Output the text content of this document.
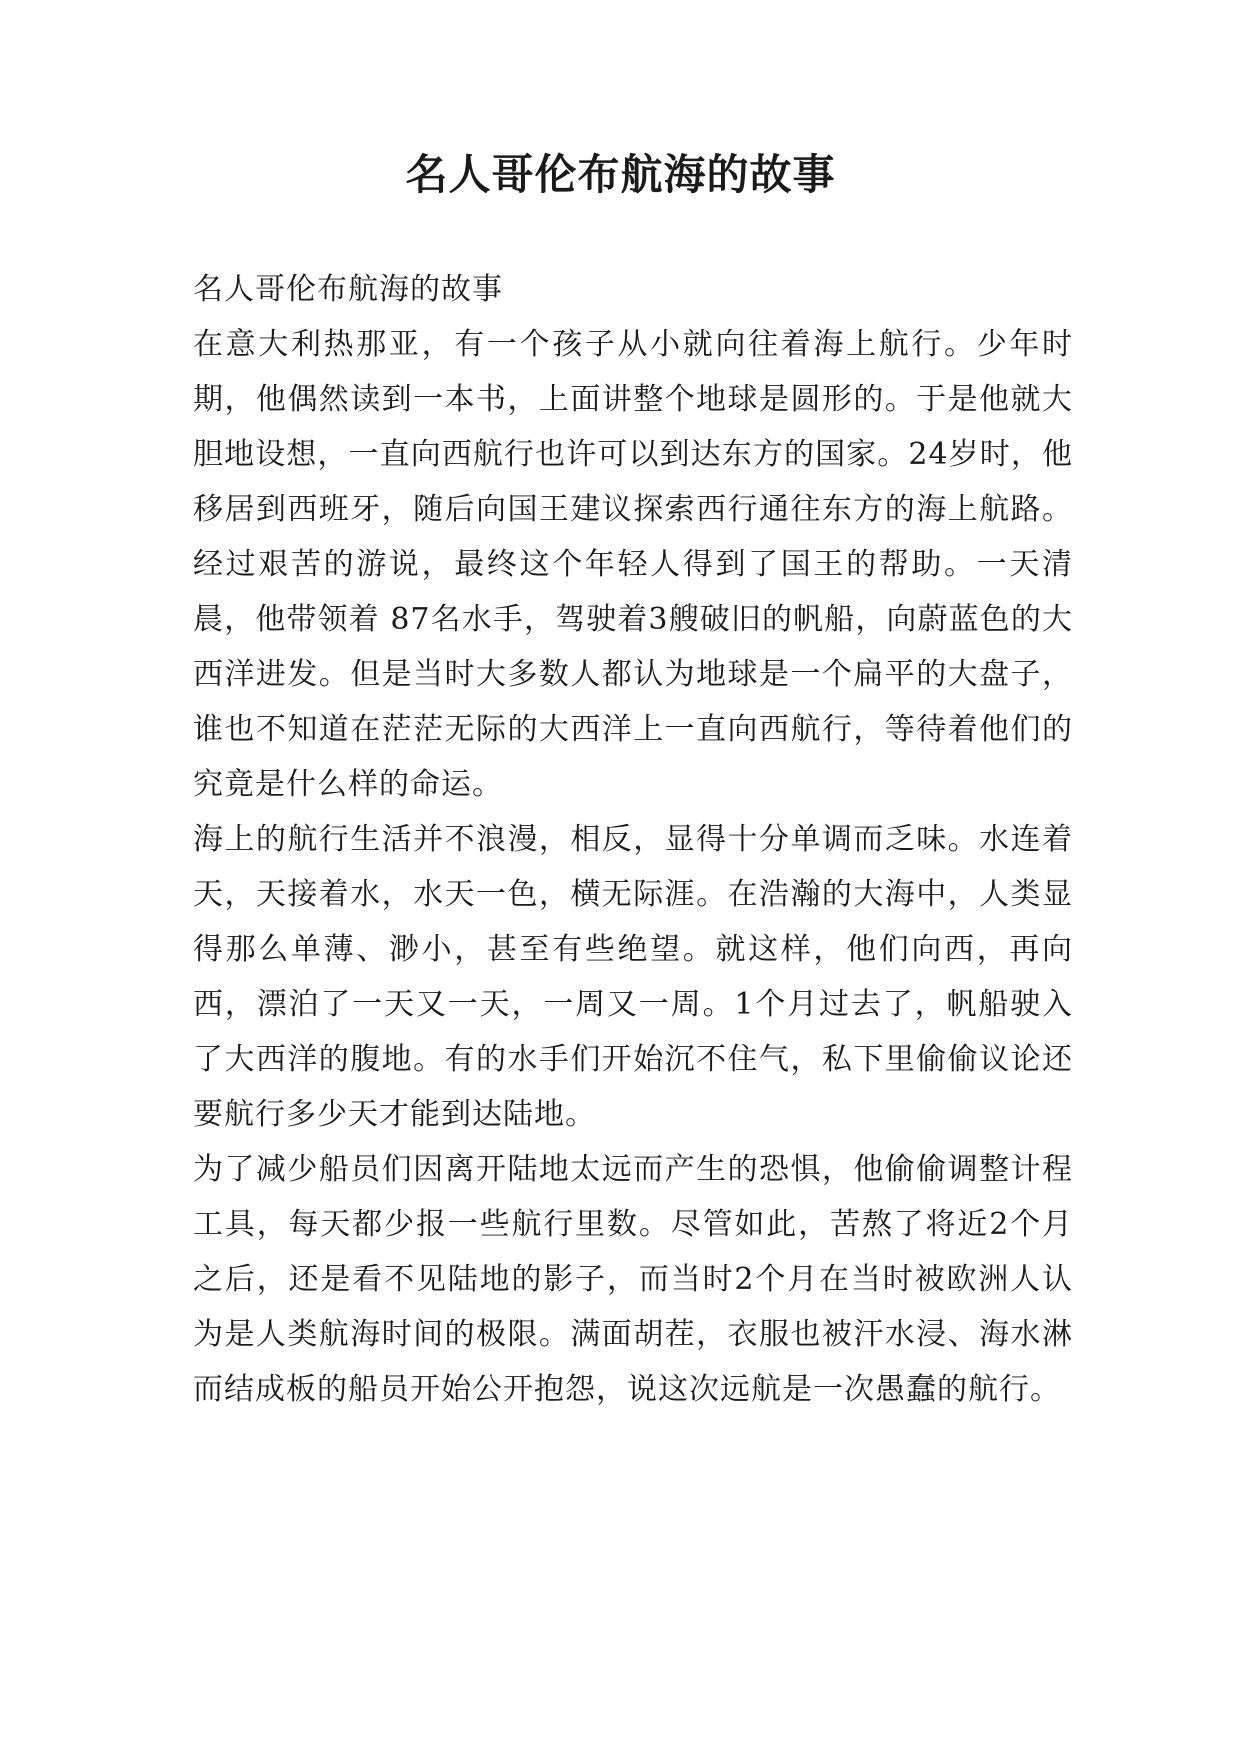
名人哥伦布航海的故事

名人哥伦布航海的故事

在意大利热那亚，有一个孩子从小就向往着海上航行。少年时期，他偶然读到一本书，上面讲整个地球是圆形的。于是他就大胆地设想，一直向西航行也许可以到达东方的国家。24岁时，他移居到西班牙，随后向国王建议探索西行通往东方的海上航路。经过艰苦的游说，最终这个年轻人得到了国王的帮助。一天清晨，他带领着 87名水手，驾驶着3艘破旧的帆船，向蔚蓝色的大西洋进发。但是当时大多数人都认为地球是一个扁平的大盘子，谁也不知道在茫茫无际的大西洋上一直向西航行，等待着他们的究竟是什么样的命运。

海上的航行生活并不浪漫，相反，显得十分单调而乏味。水连着天，天接着水，水天一色，横无际涯。在浩瀚的大海中，人类显得那么单薄、渺小，甚至有些绝望。就这样，他们向西，再向西，漂泊了一天又一天，一周又一周。1个月过去了，帆船驶入了大西洋的腹地。有的水手们开始沉不住气，私下里偷偷议论还要航行多少天才能到达陆地。

为了减少船员们因离开陆地太远而产生的恐惧，他偷偷调整计程工具，每天都少报一些航行里数。尽管如此，苦熬了将近2个月之后，还是看不见陆地的影子，而当时2个月在当时被欧洲人认为是人类航海时间的极限。满面胡茬，衣服也被汗水浸、海水淋而结成板的船员开始公开抱怨，说这次远航是一次愚蠢的航行。
